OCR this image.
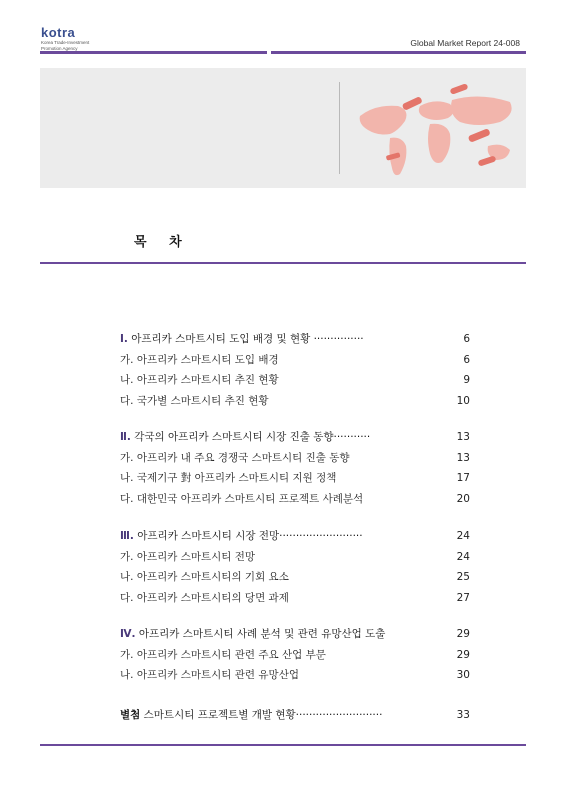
kotra
Korea Trade-Investment
Promotion Agency
Global Market Report 24-008
목 차
Ⅰ. 아프리카 스마트시티 도입 배경 및 현황 ···············	6
가. 아프리카 스마트시티 도입 배경	6
나. 아프리카 스마트시티 추진 현황	9
다. 국가별 스마트시티 추진 현황	10
Ⅱ. 각국의 아프리카 스마트시티 시장 진출 동향···········	13
가. 아프리카 내 주요 경쟁국 스마트시티 진출 동향	13
나. 국제기구 對 아프리카 스마트시티 지원 정책	17
다. 대한민국 아프리카 스마트시티 프로젝트 사례분석	20
Ⅲ. 아프리카 스마트시티 시장 전망·························	24
가. 아프리카 스마트시티 전망	24
나. 아프리카 스마트시티의 기회 요소	25
다. 아프리카 스마트시티의 당면 과제	27
Ⅳ. 아프리카 스마트시티 사례 분석 및 관련 유망산업 도출	29
가. 아프리카 스마트시티 관련 주요 산업 부문	29
나. 아프리카 스마트시티 관련 유망산업	30
별첨 스마트시티 프로젝트별 개발 현황··························	33
